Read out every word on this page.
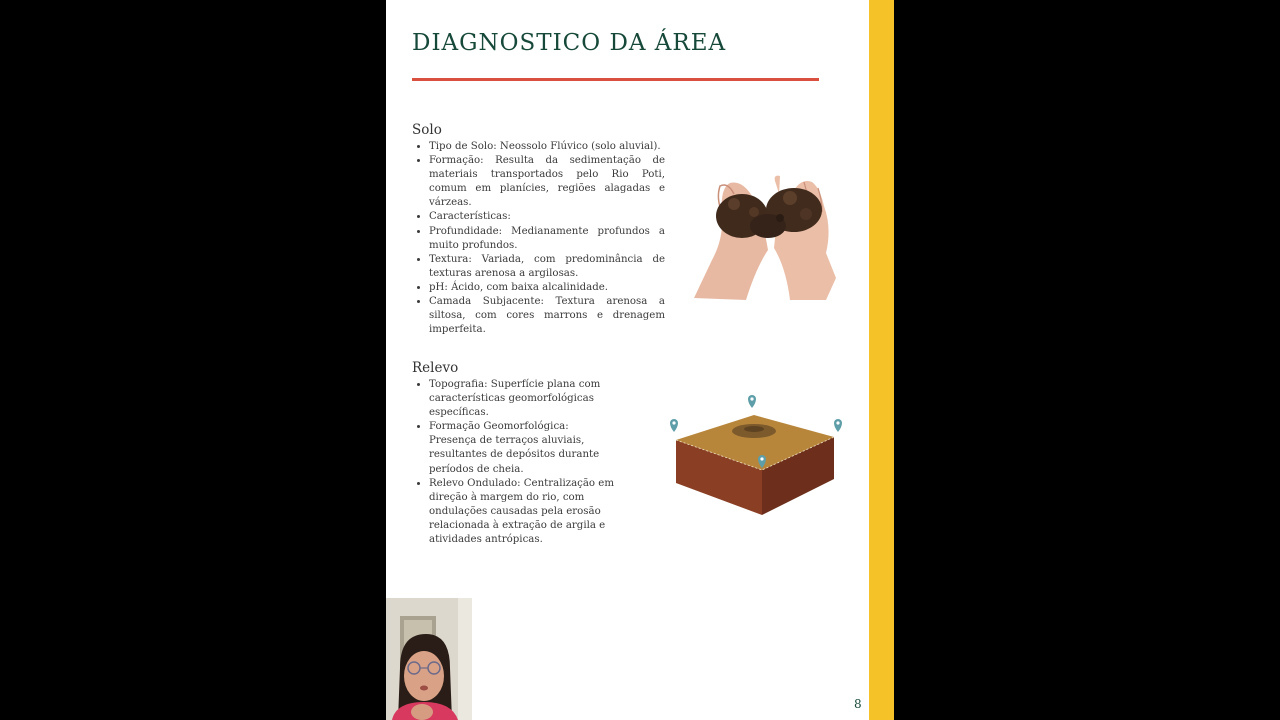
DIAGNOSTICO DA ÁREA
Solo
• Tipo de Solo: Neossolo Flúvico (solo aluvial).
• Formação: Resulta da sedimentação de materiais transportados pelo Rio Poti, comum em planícies, regiões alagadas e várzeas.
• Características:
• Profundidade: Medianamente profundos a muito profundos.
• Textura: Variada, com predominância de texturas arenosa a argilosas.
• pH: Ácido, com baixa alcalinidade.
• Camada Subjacente: Textura arenosa a siltosa, com cores marrons e drenagem imperfeita.
Relevo
• Topografia: Superfície plana com características geomorfológicas específicas.
• Formação Geomorfológica: Presença de terraços aluviais, resultantes de depósitos durante períodos de cheia.
• Relevo Ondulado: Centralização em direção à margem do rio, com ondulações causadas pela erosão relacionada à extração de argila e atividades antrópicas.
8
